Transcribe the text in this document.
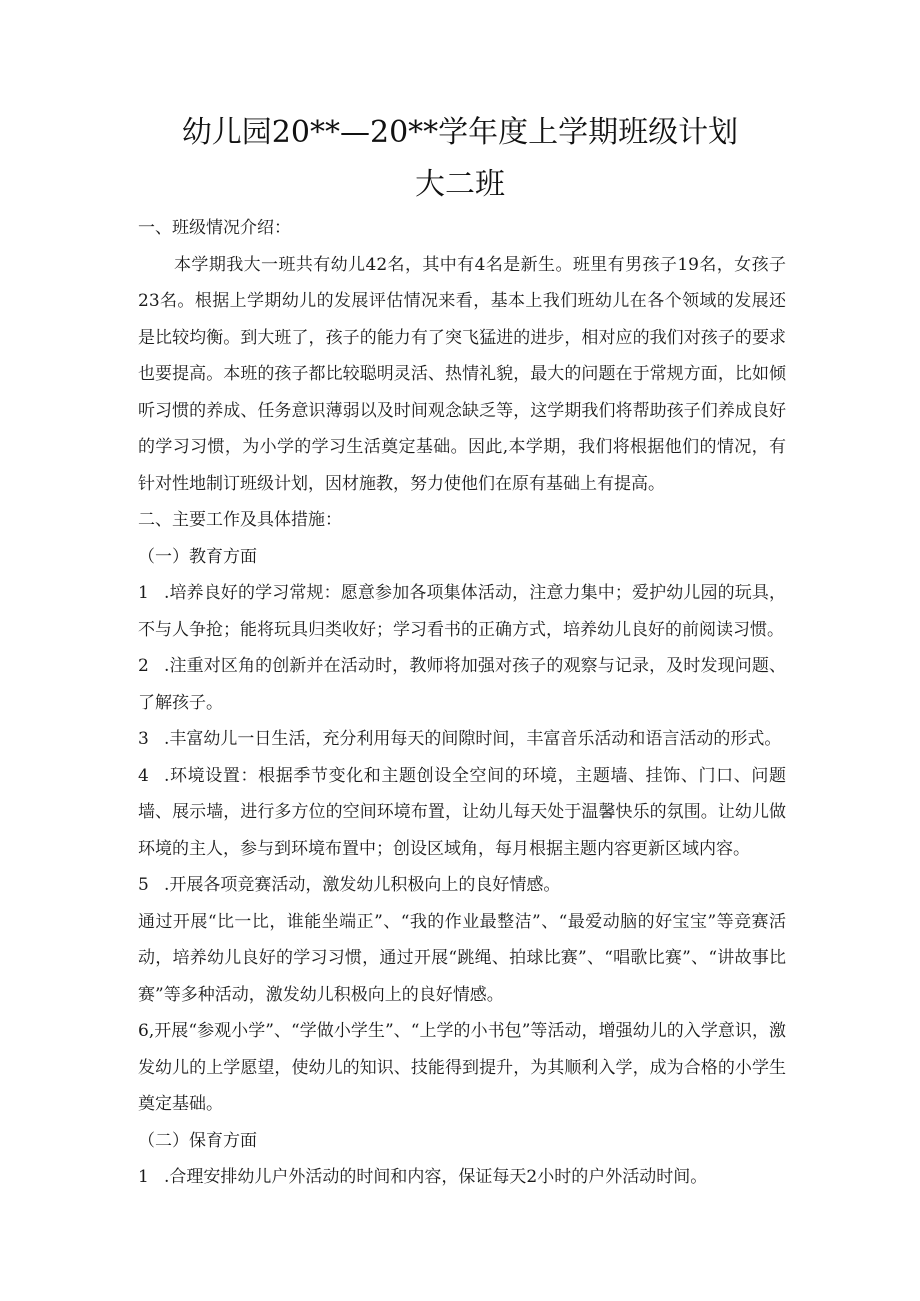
幼儿园20**—20**学年度上学期班级计划
大二班

一、班级情况介绍：

本学期我大一班共有幼儿42名，其中有4名是新生。班里有男孩子19名，女孩子23名。根据上学期幼儿的发展评估情况来看，基本上我们班幼儿在各个领域的发展还是比较均衡。到大班了，孩子的能力有了突飞猛进的进步，相对应的我们对孩子的要求也要提高。本班的孩子都比较聪明灵活、热情礼貌，最大的问题在于常规方面，比如倾听习惯的养成、任务意识薄弱以及时间观念缺乏等，这学期我们将帮助孩子们养成良好的学习习惯，为小学的学习生活奠定基础。因此,本学期，我们将根据他们的情况，有针对性地制订班级计划，因材施教，努力使他们在原有基础上有提高。

二、主要工作及具体措施：

（一）教育方面

1 .培养良好的学习常规：愿意参加各项集体活动，注意力集中；爱护幼儿园的玩具，不与人争抢；能将玩具归类收好；学习看书的正确方式，培养幼儿良好的前阅读习惯。

2 .注重对区角的创新并在活动时，教师将加强对孩子的观察与记录，及时发现问题、了解孩子。

3 .丰富幼儿一日生活，充分利用每天的间隙时间，丰富音乐活动和语言活动的形式。

4 .环境设置：根据季节变化和主题创设全空间的环境，主题墙、挂饰、门口、问题墙、展示墙，进行多方位的空间环境布置，让幼儿每天处于温馨快乐的氛围。让幼儿做环境的主人，参与到环境布置中；创设区域角，每月根据主题内容更新区域内容。

5 .开展各项竞赛活动，激发幼儿积极向上的良好情感。

通过开展“比一比，谁能坐端正”、“我的作业最整洁”、“最爱动脑的好宝宝”等竞赛活动，培养幼儿良好的学习习惯，通过开展“跳绳、拍球比赛”、“唱歌比赛”、“讲故事比赛”等多种活动，激发幼儿积极向上的良好情感。

6,开展“参观小学”、“学做小学生”、“上学的小书包”等活动，增强幼儿的入学意识，激发幼儿的上学愿望，使幼儿的知识、技能得到提升，为其顺利入学，成为合格的小学生奠定基础。

（二）保育方面

1 .合理安排幼儿户外活动的时间和内容，保证每天2小时的户外活动时间。
